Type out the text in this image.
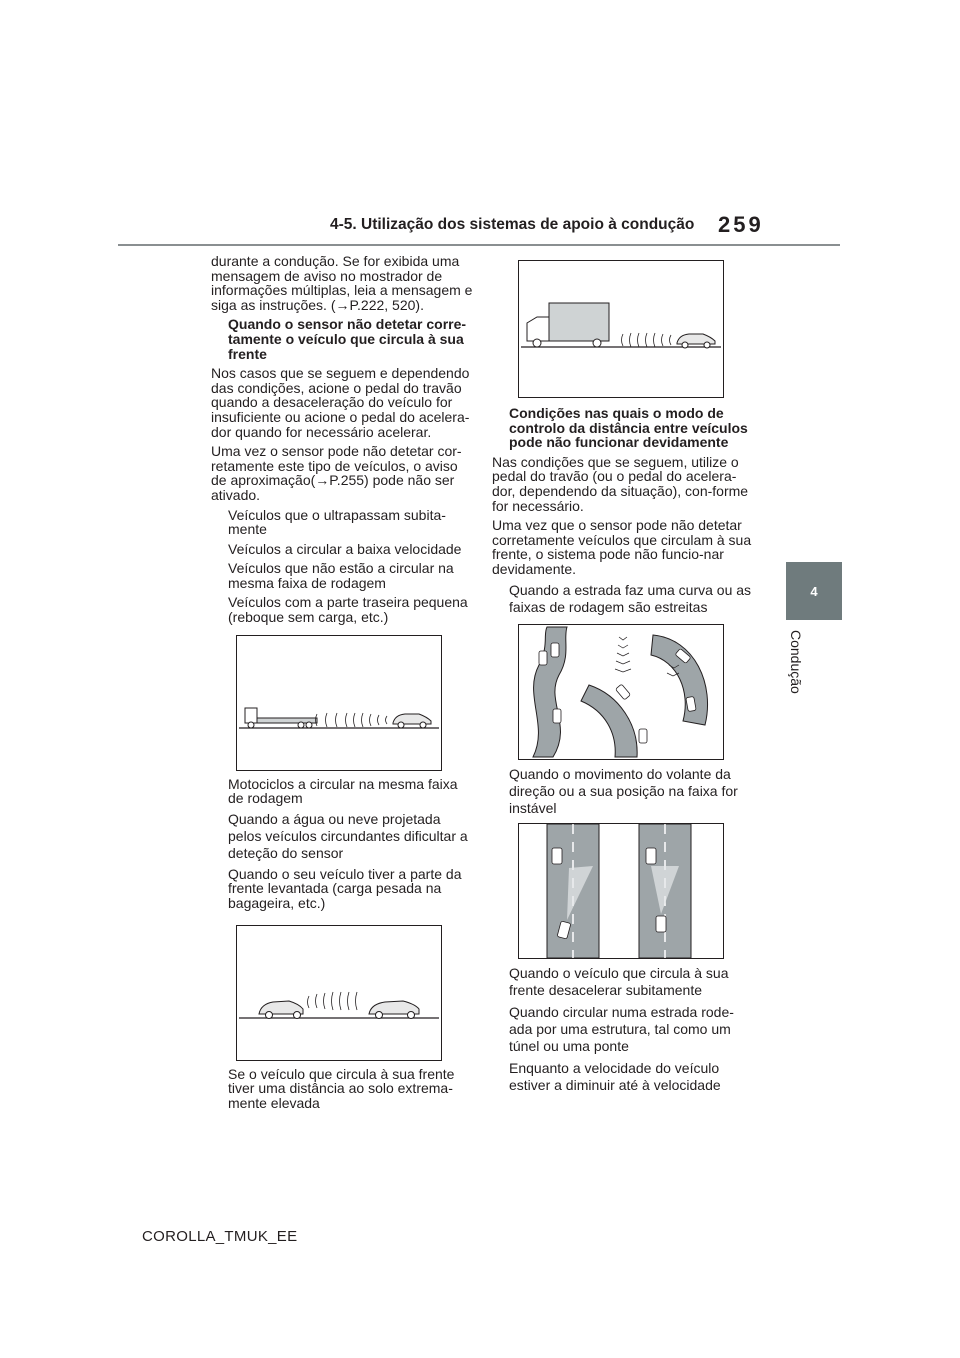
4-5. Utilização dos sistemas de apoio à condução 259
4
Condução

durante a condução. Se for exibida uma mensagem de aviso no mostrador de informações múltiplas, leia a mensagem e siga as instruções. (→P.222, 520).

Quando o sensor não detetar corre-tamente o veículo que circula à sua frente

Nos casos que se seguem e dependendo das condições, acione o pedal do travão quando a desaceleração do veículo for insuficiente ou acione o pedal do acelera-dor quando for necessário acelerar.

Uma vez o sensor pode não detetar cor-retamente este tipo de veículos, o aviso de aproximação(→P.255) pode não ser ativado.

Veículos que o ultrapassam subita-mente
Veículos a circular a baixa velocidade
Veículos que não estão a circular na mesma faixa de rodagem
Veículos com a parte traseira pequena (reboque sem carga, etc.)
Motociclos a circular na mesma faixa de rodagem
Quando a água ou neve projetada pelos veículos circundantes dificultar a deteção do sensor
Quando o seu veículo tiver a parte da frente levantada (carga pesada na bagageira, etc.)
Se o veículo que circula à sua frente tiver uma distância ao solo extrema-mente elevada

Condições nas quais o modo de controlo da distância entre veículos pode não funcionar devidamente

Nas condições que se seguem, utilize o pedal do travão (ou o pedal do acelera-dor, dependendo da situação), con-forme for necessário.

Uma vez que o sensor pode não detetar corretamente veículos que circulam à sua frente, o sistema pode não funcio-nar devidamente.

Quando a estrada faz uma curva ou as faixas de rodagem são estreitas
Quando o movimento do volante da direção ou a sua posição na faixa for instável
Quando o veículo que circula à sua frente desacelerar subitamente
Quando circular numa estrada rode-ada por uma estrutura, tal como um túnel ou uma ponte
Enquanto a velocidade do veículo estiver a diminuir até à velocidade
COROLLA_TMUK_EE
